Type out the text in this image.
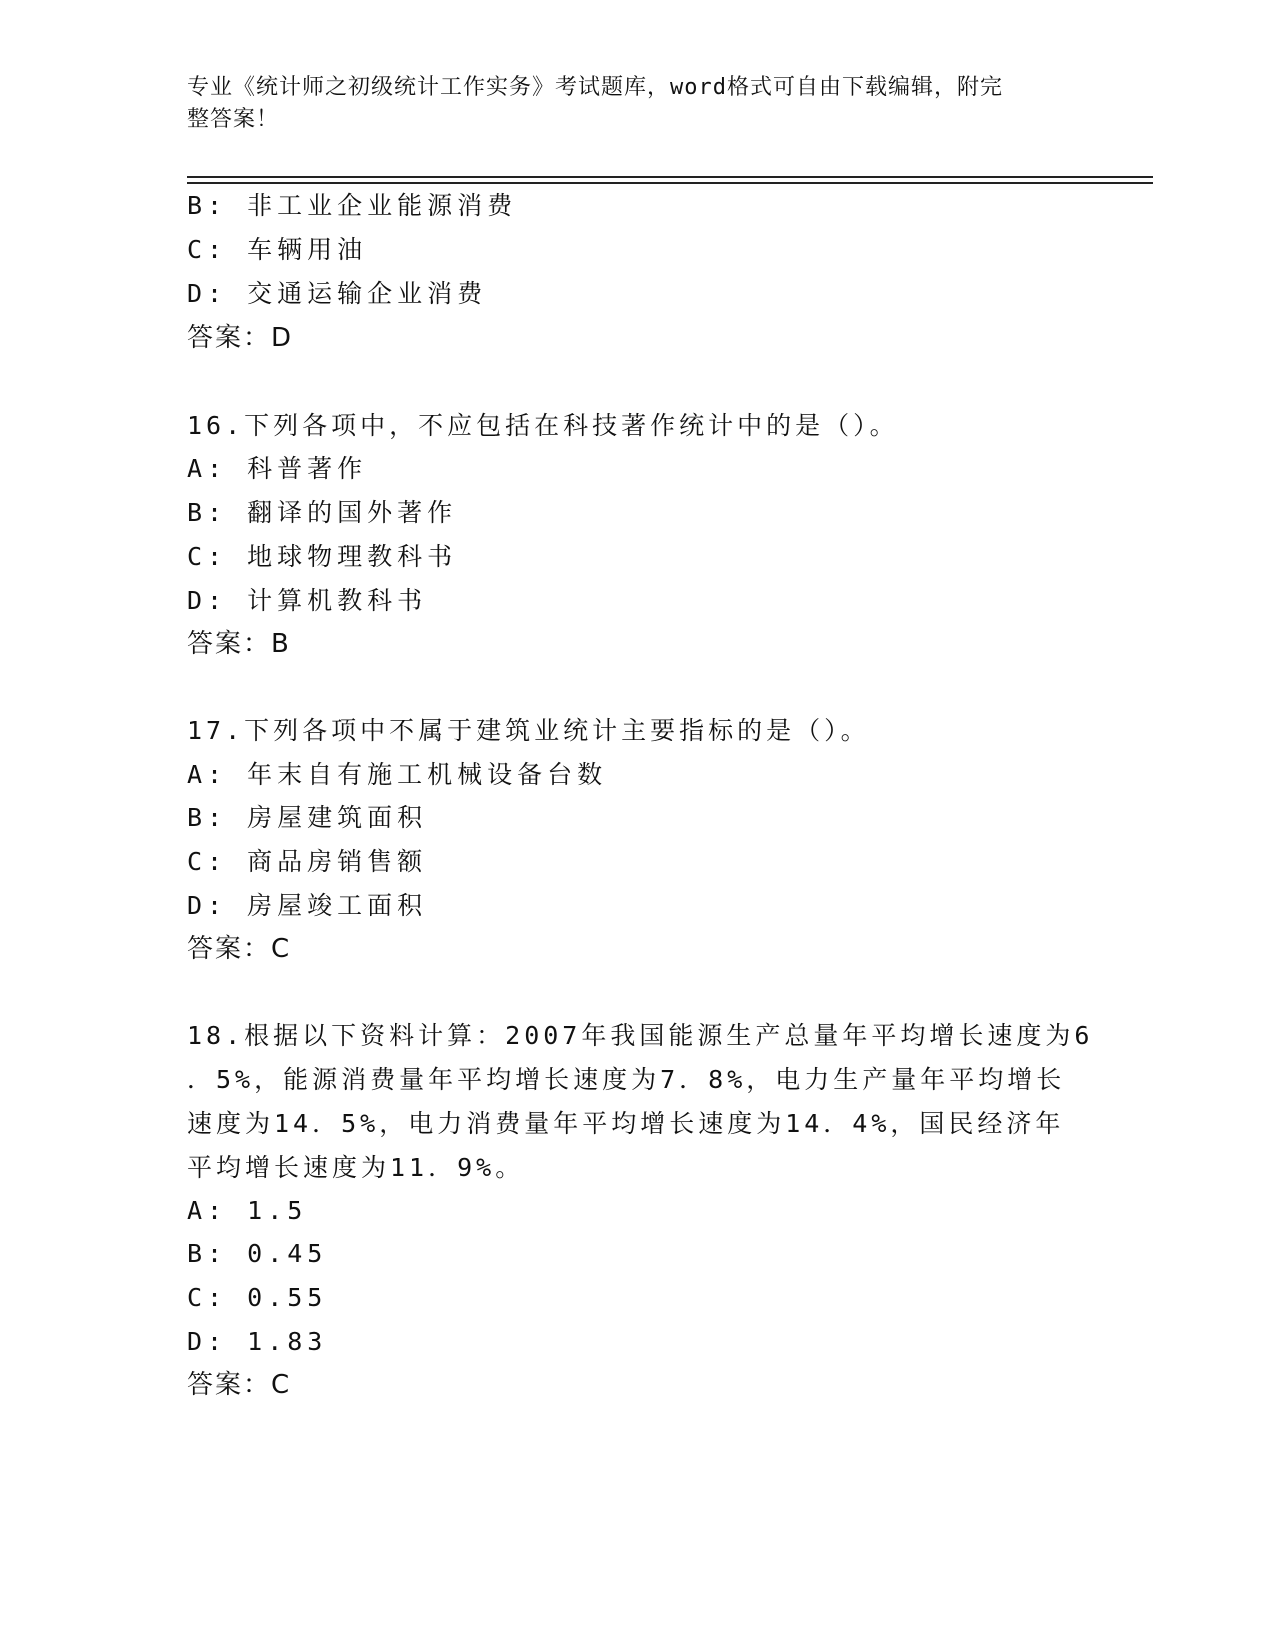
专业《统计师之初级统计工作实务》考试题库，word格式可自由下载编辑，附完
整答案！
B: 非工业企业能源消费
C: 车辆用油
D: 交通运输企业消费
答案：D
16.下列各项中，不应包括在科技著作统计中的是（）。
A: 科普著作
B: 翻译的国外著作
C: 地球物理教科书
D: 计算机教科书
答案：B
17.下列各项中不属于建筑业统计主要指标的是（）。
A: 年末自有施工机械设备台数
B: 房屋建筑面积
C: 商品房销售额
D: 房屋竣工面积
答案：C
18.根据以下资料计算：2007年我国能源生产总量年平均增长速度为6
．5%，能源消费量年平均增长速度为7．8%，电力生产量年平均增长
速度为14．5%，电力消费量年平均增长速度为14．4%，国民经济年
平均增长速度为11．9%。
A: 1.5
B: 0.45
C: 0.55
D: 1.83
答案：C
